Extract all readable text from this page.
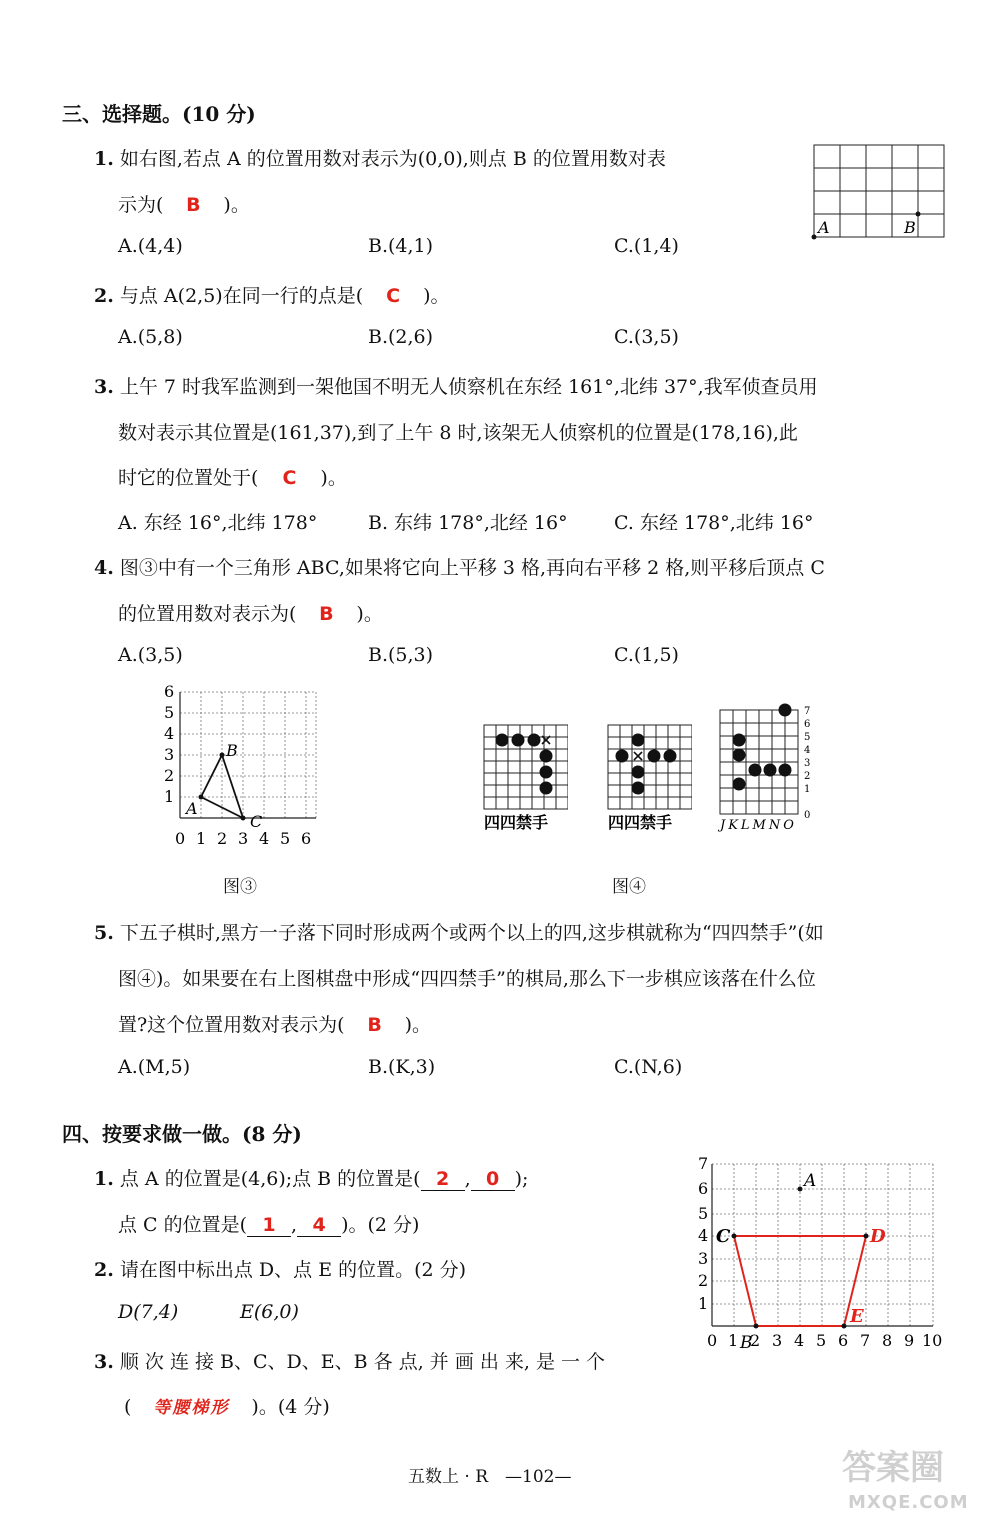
三、选择题。(10 分)
1. 如右图,若点 A 的位置用数对表示为(0,0),则点 B 的位置用数对表
示为( B )。
A.(4,4)	B.(4,1)	C.(1,4)
A	B
2. 与点 A(2,5)在同一行的点是( C )。
A.(5,8)	B.(2,6)	C.(3,5)
3. 上午 7 时我军监测到一架他国不明无人侦察机在东经 161°,北纬 37°,我军侦查员用
数对表示其位置是(161,37),到了上午 8 时,该架无人侦察机的位置是(178,16),此
时它的位置处于( C )。
A. 东经 16°,北纬 178°	B. 东纬 178°,北经 16° C. 东经 178°,北纬 16°
4. 图③中有一个三角形 ABC,如果将它向上平移 3 格,再向右平移 2 格,则平移后顶点 C
的位置用数对表示为( B )。
A.(3,5)	B.(5,3)	C.(1,5)
A
B
C
0 1 2 3 4 5 6
1
2
3
4
5
6
图③
四四禁手	四四禁手
7
6
5
4
3
2
1
0
JKLMNO
图④
5. 下五子棋时,黑方一子落下同时形成两个或两个以上的四,这步棋就称为“四四禁手”(如
图④)。如果要在右上图棋盘中形成“四四禁手”的棋局,那么下一步棋应该落在什么位
置?这个位置用数对表示为( B )。
A.(M,5)	B.(K,3)	C.(N,6)
四、按要求做一做。(8 分)
1. 点 A 的位置是(4,6);点 B 的位置是( 2 , 0 );
点 C 的位置是( 1 , 4 )。(2 分)
2. 请在图中标出点 D、点 E 的位置。(2 分)
D(7,4)	E(6,0)
3. 顺 次 连 接 B、C、D、E、B 各 点, 并 画 出 来, 是 一 个
( 等腰梯形 )。(4 分)
A
B
C	D
E
0 1 2 3 4 5 6 7 8 9 10
1
2
3
4
5
6
7
五数上 · R　—102—	答案圈
MXQE.COM
